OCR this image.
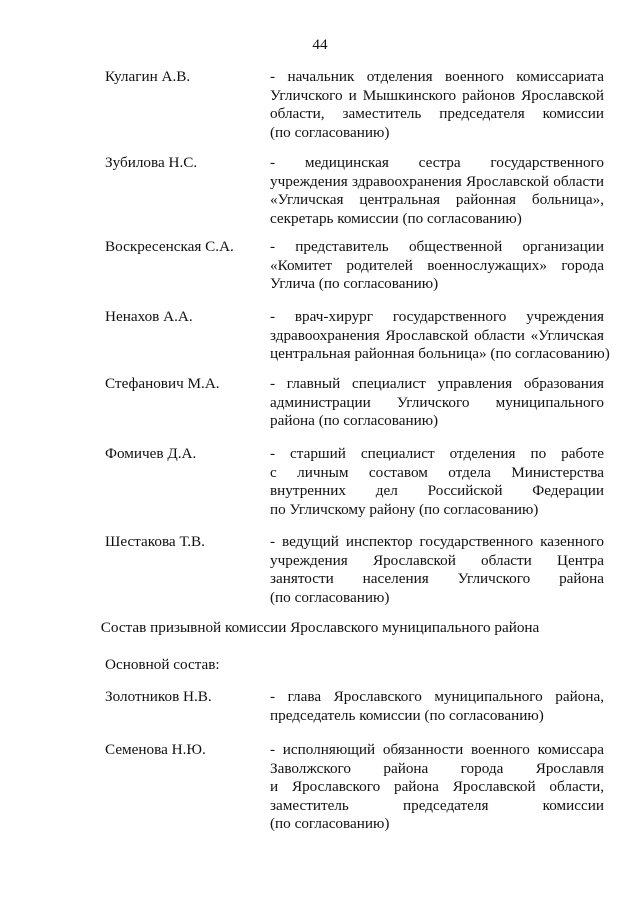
44
Кулагин А.В.	- начальник отделения военного комиссариата
Угличского и Мышкинского районов Ярославской
области, заместитель председателя комиссии
(по согласованию)
Зубилова Н.С.	- медицинская сестра государственного
учреждения здравоохранения Ярославской области
«Угличская центральная районная больница»,
секретарь комиссии (по согласованию)
Воскресенская С.А. - представитель общественной организации
«Комитет родителей военнослужащих» города
Углича (по согласованию)
Ненахов А.А.	- врач-хирург государственного учреждения
здравоохранения Ярославской области «Угличская
центральная районная больница» (по согласованию)
Стефанович М.А.	- главный специалист управления образования
администрации Угличского муниципального
района (по согласованию)
Фомичев Д.А.	- старший специалист отделения по работе
с личным составом отдела Министерства
внутренних дел Российской Федерации
по Угличскому району (по согласованию)
Шестакова Т.В.	- ведущий инспектор государственного казенного
учреждения Ярославской области Центра
занятости населения Угличского района
(по согласованию)
Состав призывной комиссии Ярославского муниципального района
Основной состав:
Золотников Н.В.	- глава Ярославского муниципального района,
председатель комиссии (по согласованию)
Семенова Н.Ю.	- исполняющий обязанности военного комиссара
Заволжского района города Ярославля
и Ярославского района Ярославской области,
заместитель председателя комиссии
(по согласованию)
